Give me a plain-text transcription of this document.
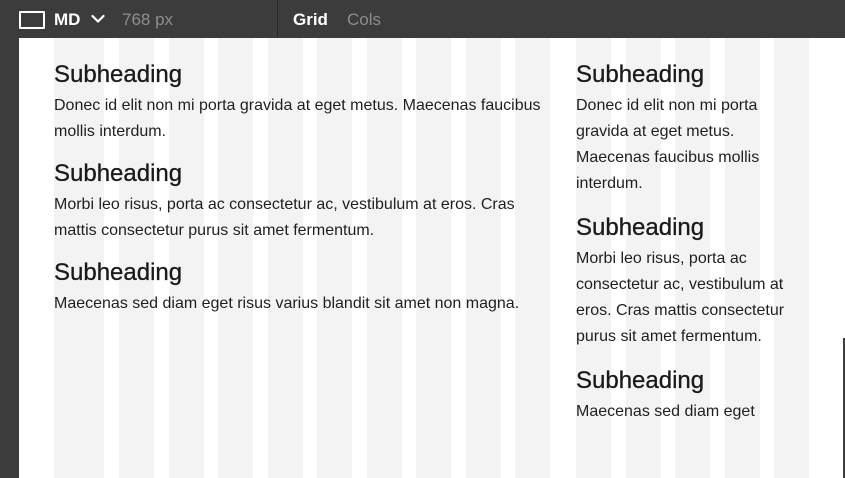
MD 768 px	Grid Cols
Subheading

Donec id elit non mi porta gravida at eget metus. Maecenas faucibus mollis interdum.

Subheading

Morbi leo risus, porta ac consectetur ac, vestibulum at eros. Cras mattis consectetur purus sit amet fermentum.

Subheading

Maecenas sed diam eget risus varius blandit sit amet non magna.

Subheading

Donec id elit non mi porta gravida at eget metus. Maecenas faucibus mollis interdum.

Subheading

Morbi leo risus, porta ac consectetur ac, vestibulum at eros. Cras mattis consectetur purus sit amet fermentum.

Subheading

Maecenas sed diam eget
